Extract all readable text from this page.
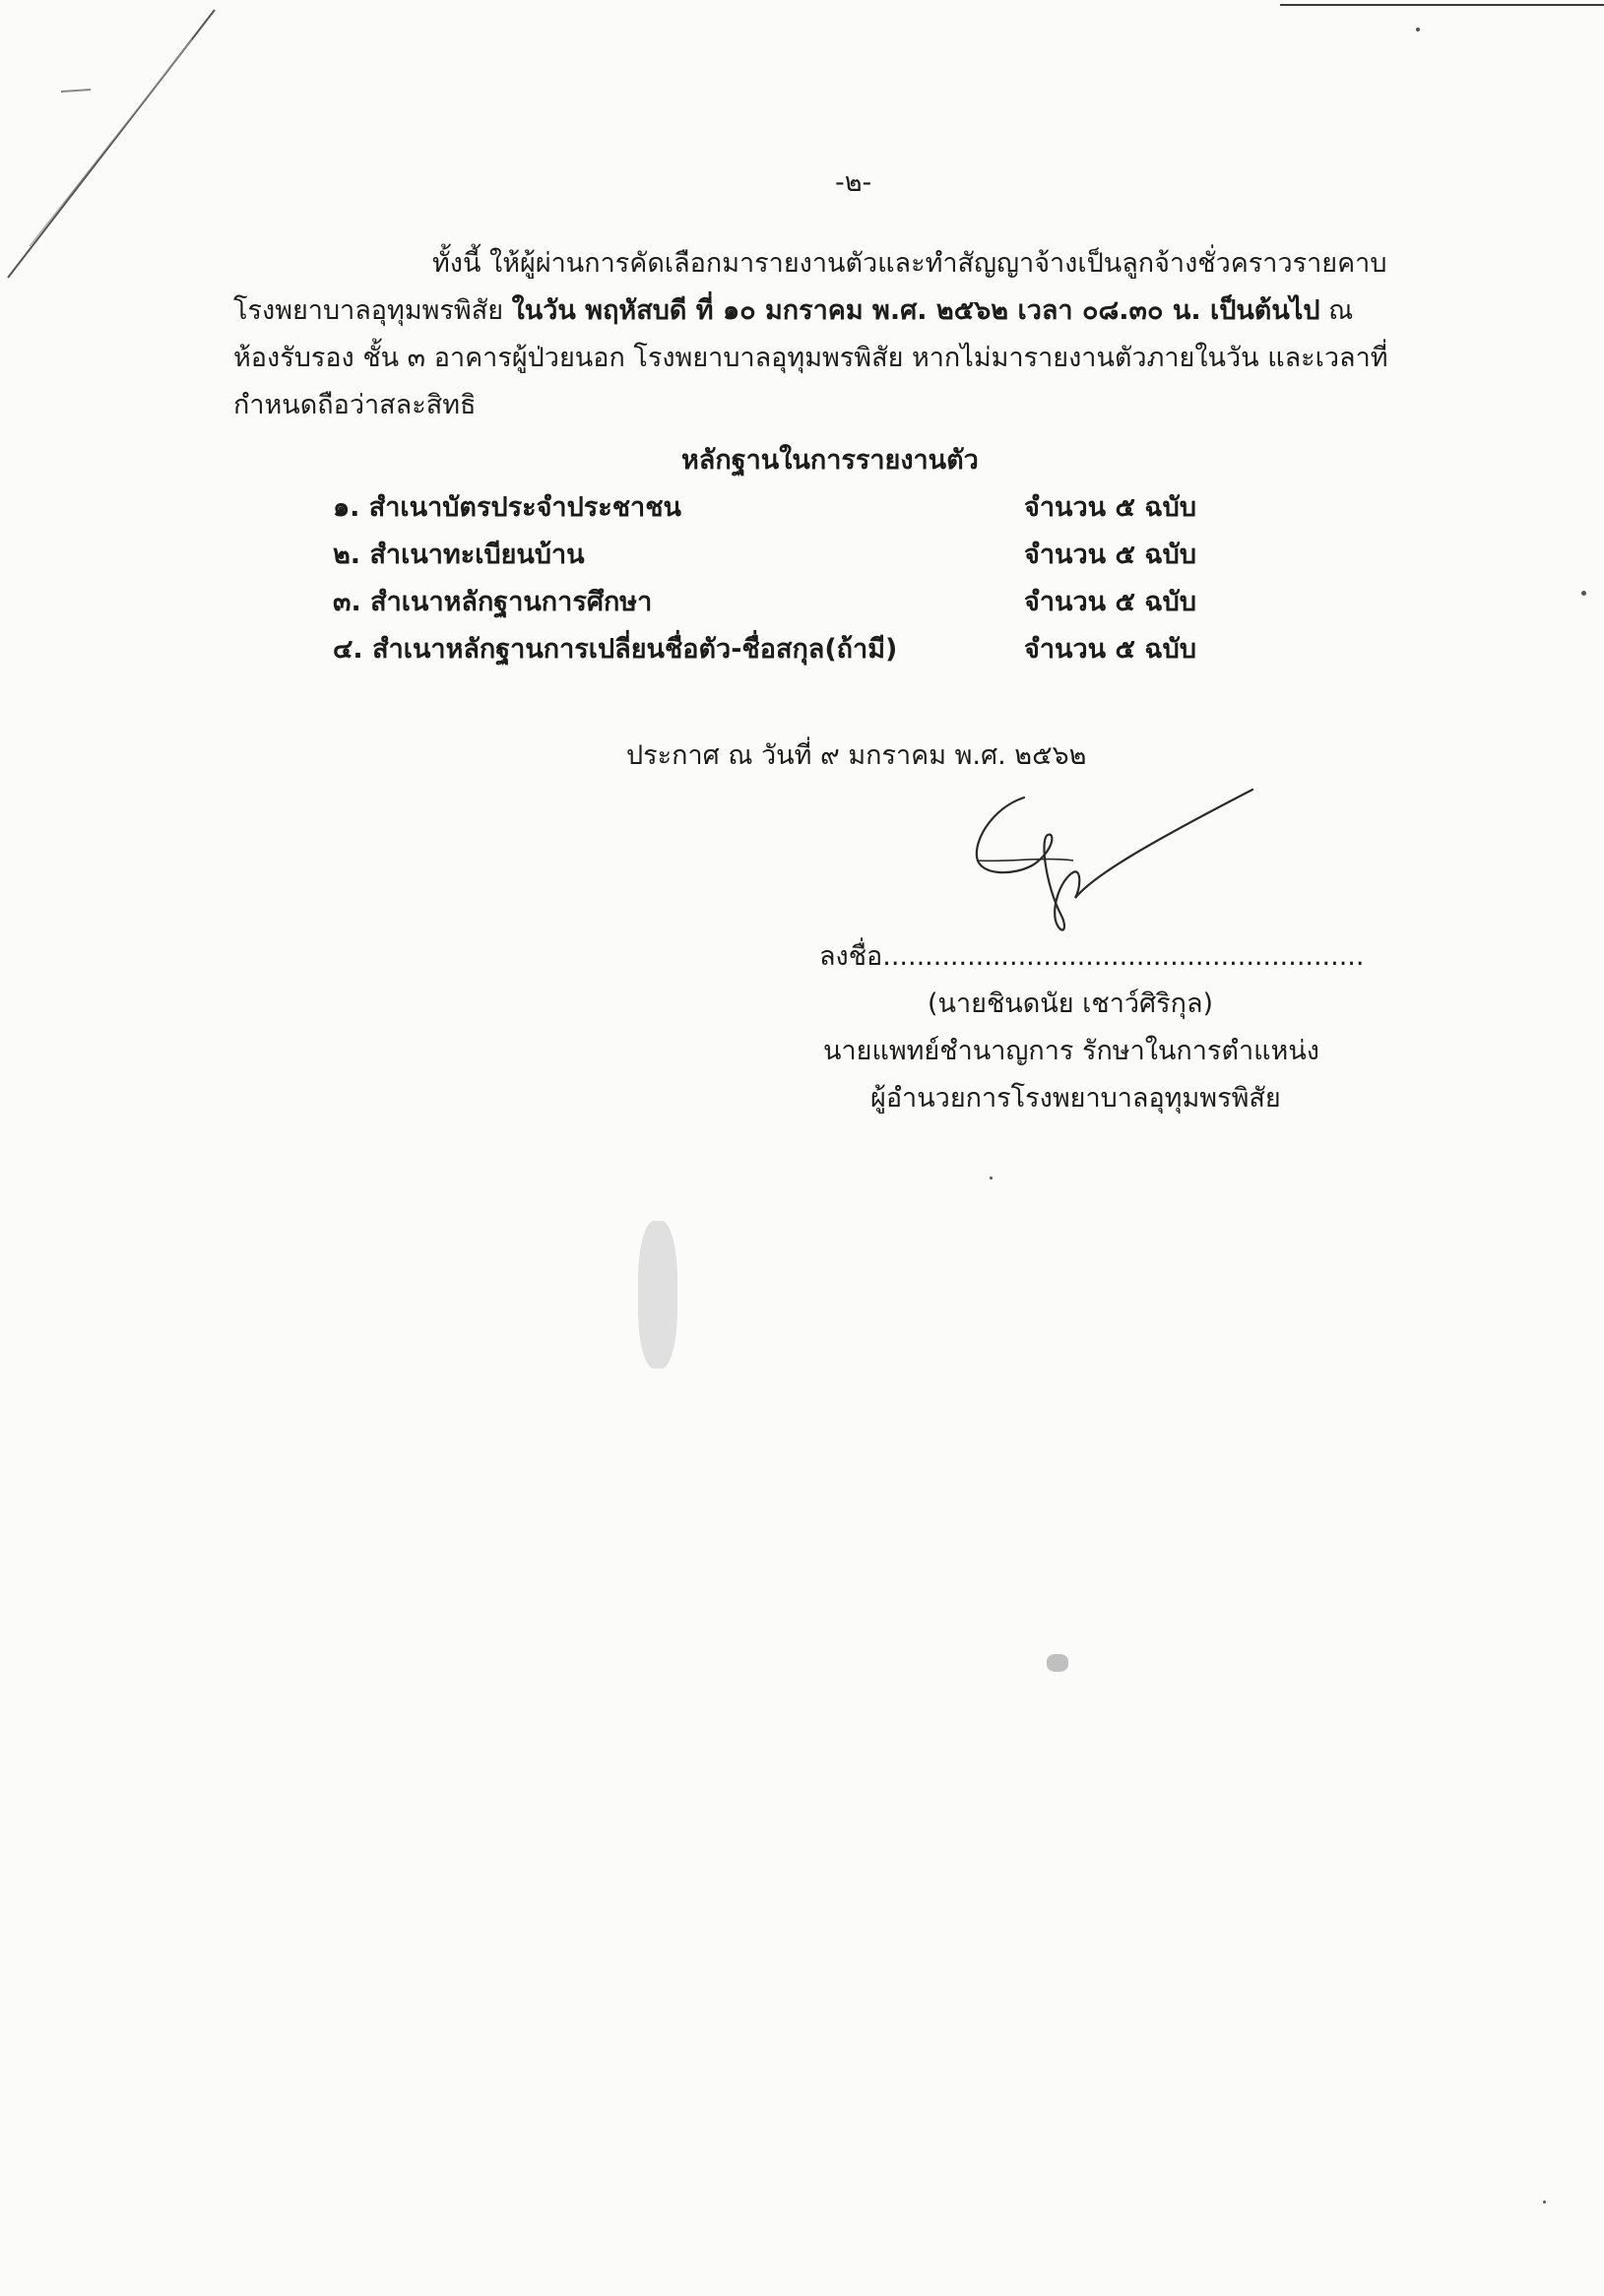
-๒-
ทั้งนี้ ให้ผู้ผ่านการคัดเลือกมารายงานตัวและทำสัญญาจ้างเป็นลูกจ้างชั่วคราวรายคาบ
โรงพยาบาลอุทุมพรพิสัย ในวัน พฤหัสบดี ที่ ๑๐ มกราคม พ.ศ. ๒๕๖๒ เวลา ๐๘.๓๐ น. เป็นต้นไป ณ
ห้องรับรอง ชั้น ๓ อาคารผู้ป่วยนอก โรงพยาบาลอุทุมพรพิสัย หากไม่มารายงานตัวภายในวัน และเวลาที่
กำหนดถือว่าสละสิทธิ
หลักฐานในการรายงานตัว
๑. สำเนาบัตรประจำประชาชน	จำนวน ๕ ฉบับ
๒. สำเนาทะเบียนบ้าน	จำนวน ๕ ฉบับ
๓. สำเนาหลักฐานการศึกษา	จำนวน ๕ ฉบับ
๔. สำเนาหลักฐานการเปลี่ยนชื่อตัว-ชื่อสกุล(ถ้ามี)	จำนวน ๕ ฉบับ
ประกาศ ณ วันที่ ๙ มกราคม พ.ศ. ๒๕๖๒
ลงชื่อ.........................................................
(นายชินดนัย เชาว์ศิริกุล)
นายแพทย์ชำนาญการ รักษาในการตำแหน่ง
ผู้อำนวยการโรงพยาบาลอุทุมพรพิสัย
